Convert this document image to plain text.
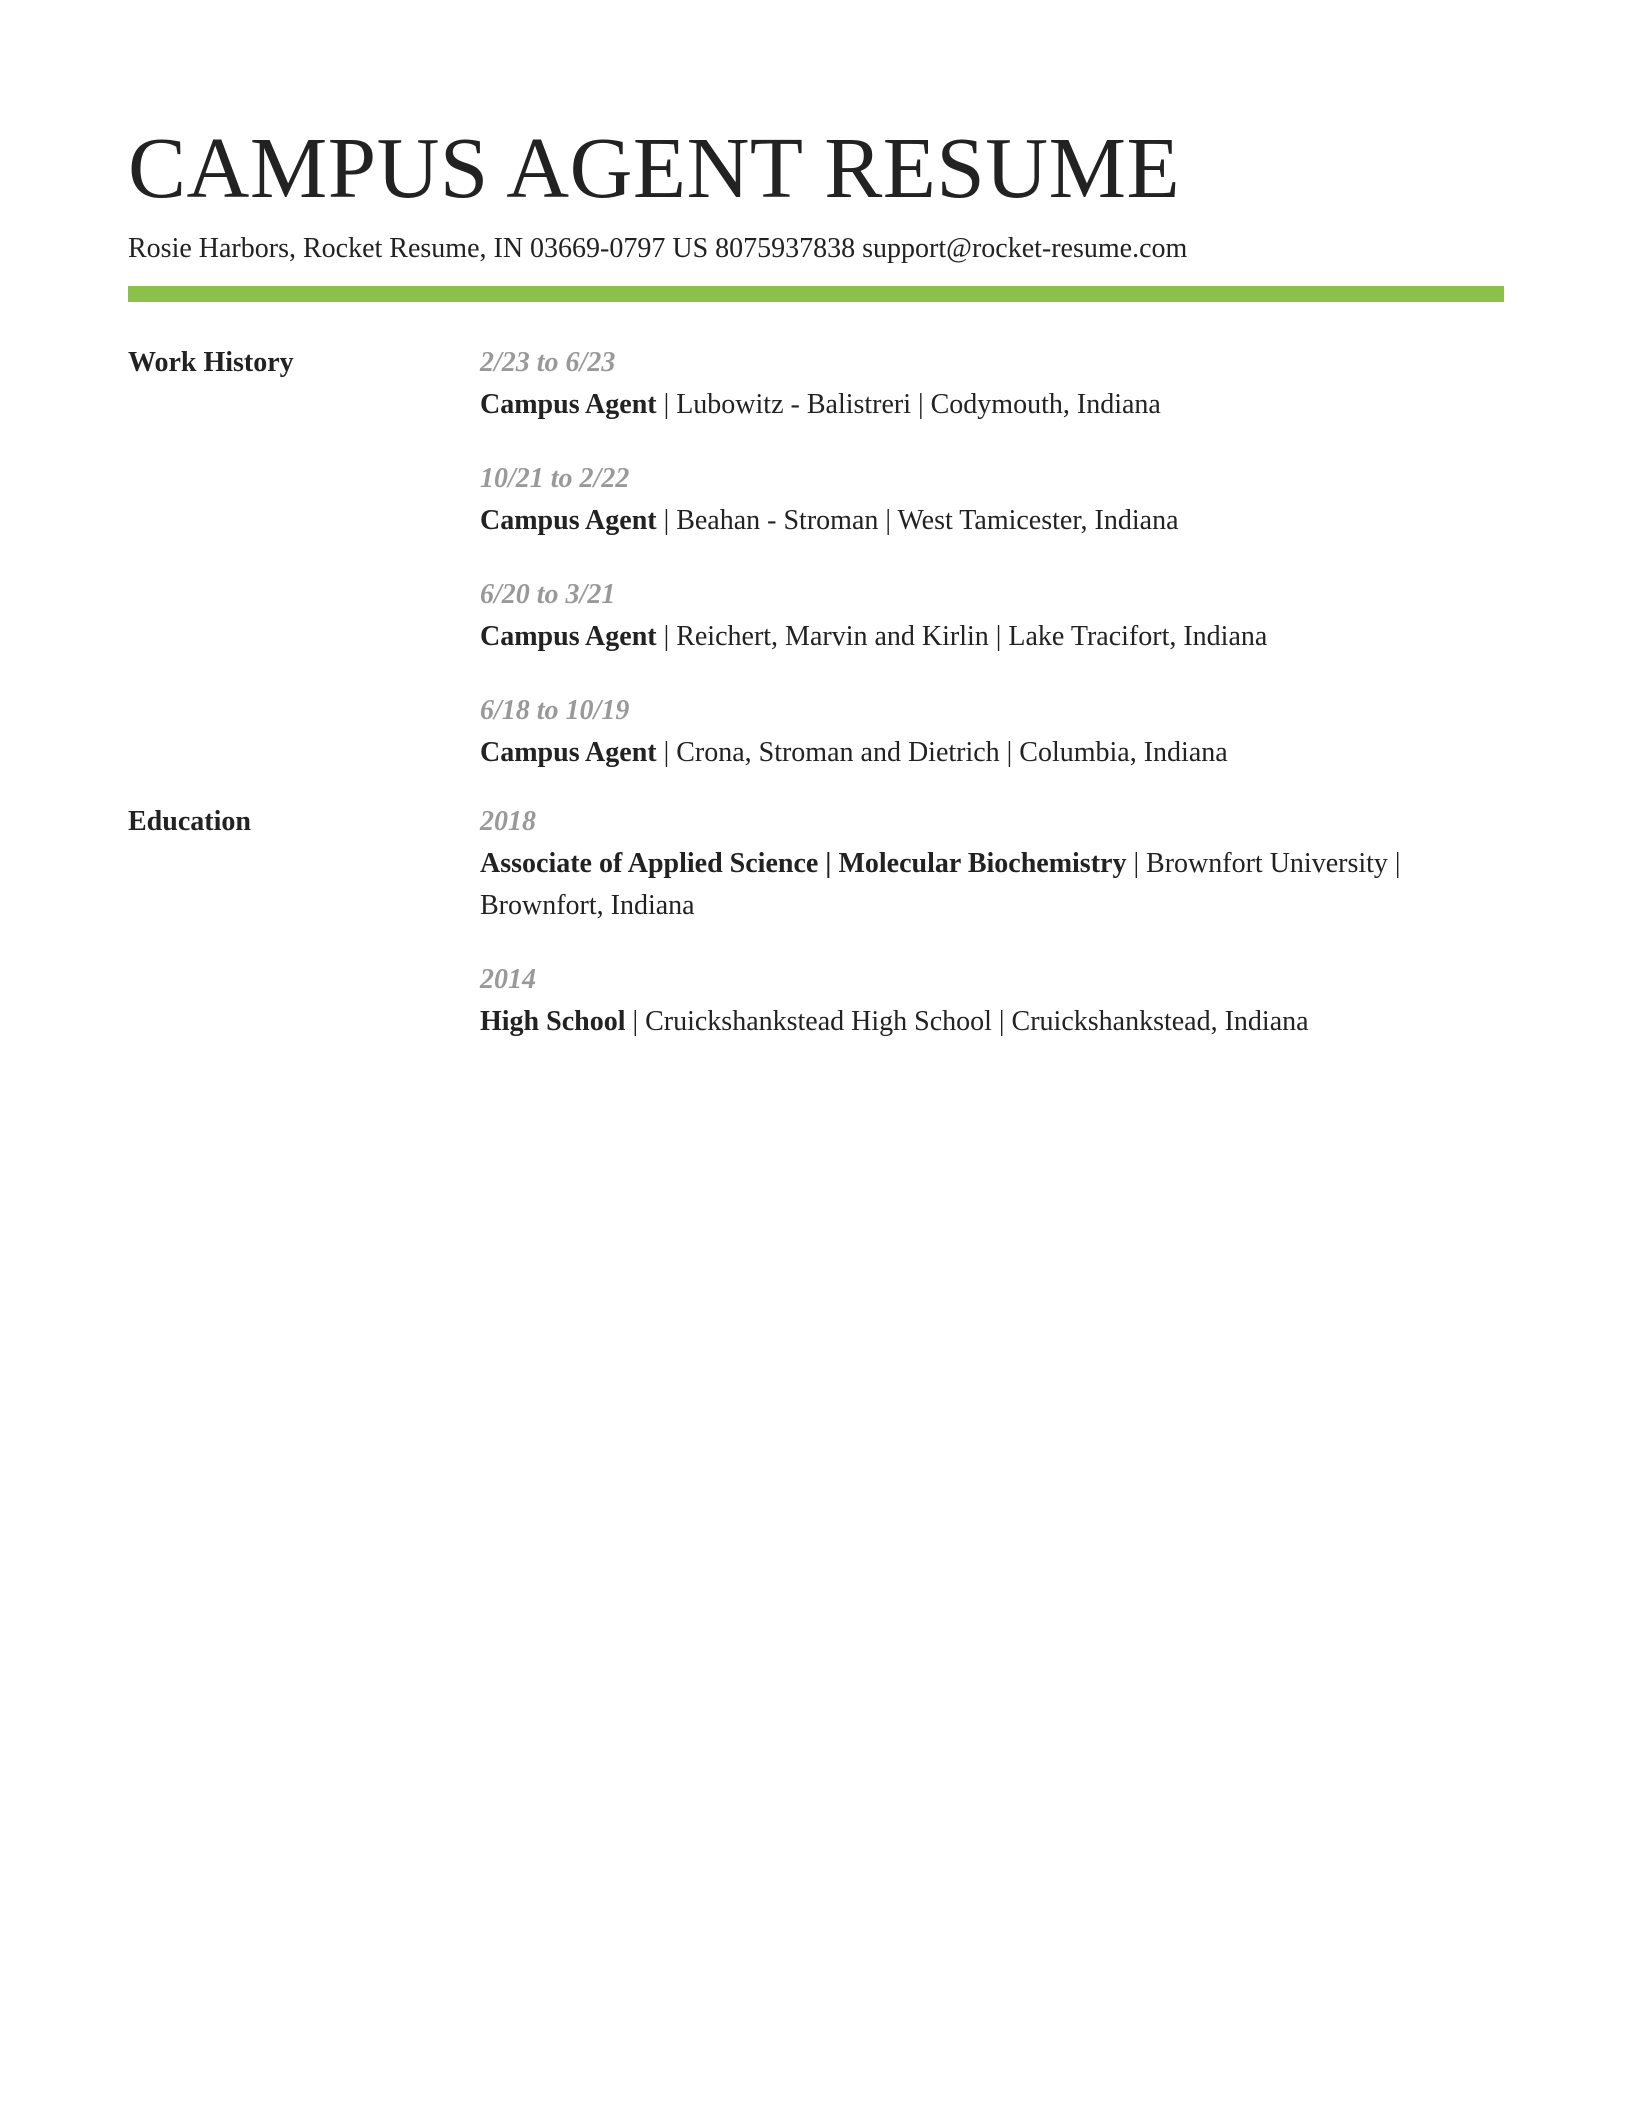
CAMPUS AGENT RESUME
Rosie Harbors, Rocket Resume, IN 03669-0797 US 8075937838 support@rocket-resume.com
Work History	2/23 to 6/23
Campus Agent | Lubowitz - Balistreri | Codymouth, Indiana
10/21 to 2/22
Campus Agent | Beahan - Stroman | West Tamicester, Indiana
6/20 to 3/21
Campus Agent | Reichert, Marvin and Kirlin | Lake Tracifort, Indiana
6/18 to 10/19
Campus Agent | Crona, Stroman and Dietrich | Columbia, Indiana
Education	2018
Associate of Applied Science | Molecular Biochemistry | Brownfort University | Brownfort, Indiana
2014
High School | Cruickshankstead High School | Cruickshankstead, Indiana
